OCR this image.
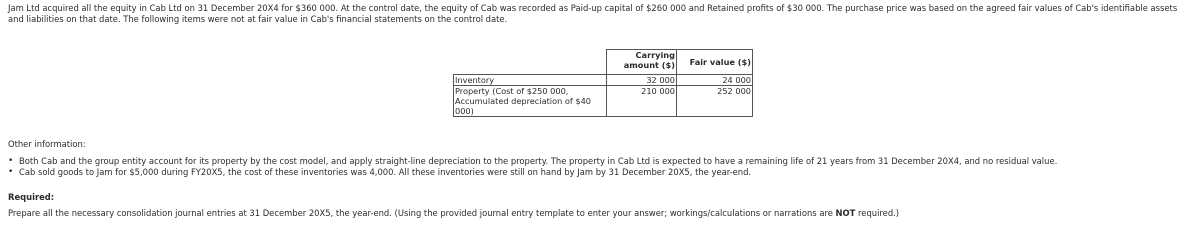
Jam Ltd acquired all the equity in Cab Ltd on 31 December 20X4 for $360 000. At the control date, the equity of Cab was recorded as Paid-up capital of $260 000 and Retained profits of $30 000. The purchase price was based on the agreed fair values of Cab's identifiable assets and liabilities on that date. The following items were not at fair value in Cab's financial statements on the control date.
	Carrying amount ($)	Fair value ($)
Inventory	32 000	24 000
Property (Cost of $250 000, Accumulated depreciation of $40 000)	210 000	252 000
Other information:
• Both Cab and the group entity account for its property by the cost model, and apply straight-line depreciation to the property. The property in Cab Ltd is expected to have a remaining life of 21 years from 31 December 20X4, and no residual value.
• Cab sold goods to Jam for $5,000 during FY20X5, the cost of these inventories was 4,000. All these inventories were still on hand by Jam by 31 December 20X5, the year-end.
Required:
Prepare all the necessary consolidation journal entries at 31 December 20X5, the year-end. (Using the provided journal entry template to enter your answer; workings/calculations or narrations are NOT required.)
